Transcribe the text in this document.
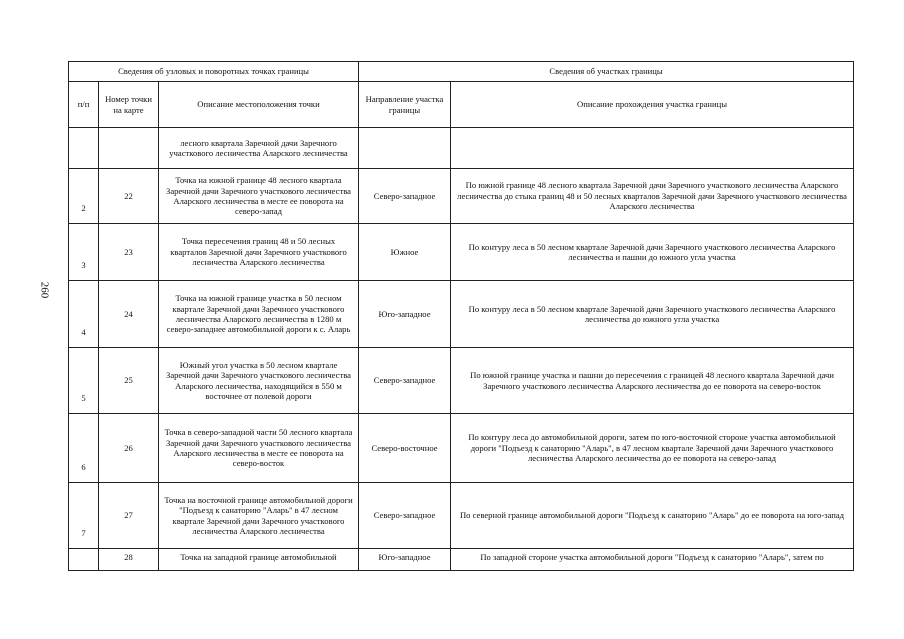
260
Сведения об узловых и поворотных точках границы			Сведения об участках границы	
п/п	Номер точки на карте	Описание местоположения точки	Направление участка границы	Описание прохождения участка границы
		лесного квартала Заречной дачи Заречного участкового лесничества Аларского лесничества		
2	22	Точка на южной границе 48 лесного квартала Заречной дачи Заречного участкового лесничества Аларского лесничества в месте ее поворота на северо-запад	Северо-западное	По южной границе 48 лесного квартала Заречной дачи Заречного участкового лесничества Аларского лесничества до стыка границ 48 и 50 лесных кварталов Заречной дачи Заречного участкового лесничества Аларского лесничества
3	23	Точка пересечения границ 48 и 50 лесных кварталов Заречной дачи Заречного участкового лесничества Аларского лесничества	Южное	По контуру леса в 50 лесном квартале Заречной дачи Заречного участкового лесничества Аларского лесничества и пашни до южного угла участка
4	24	Точка на южной границе участка в 50 лесном квартале Заречной дачи Заречного участкового лесничества Аларского лесничества в 1280 м северо-западнее автомобильной дороги к с. Аларь	Юго-западное	По контуру леса в 50 лесном квартале Заречной дачи Заречного участкового лесничества Аларского лесничества до южного угла участка
5	25	Южный угол участка в 50 лесном квартале Заречной дачи Заречного участкового лесничества Аларского лесничества, находящийся в 550 м восточнее от полевой дороги	Северо-западное	По южной границе участка и пашни до пересечения с границей 48 лесного квартала Заречной дачи Заречного участкового лесничества Аларского лесничества до ее поворота на северо-восток
6	26	Точка в северо-западной части 50 лесного квартала Заречной дачи Заречного участкового лесничества Аларского лесничества в месте ее поворота на северо-восток	Северо-восточное	По контуру леса до автомобильной дороги, затем по юго-восточной стороне участка автомобильной дороги "Подъезд к санаторию "Аларь", в 47 лесном квартале Заречной дачи Заречного участкового лесничества Аларского лесничества до ее поворота на северо-запад
7	27	Точка на восточной границе автомобильной дороги "Подъезд к санаторию "Аларь" в 47 лесном квартале Заречной дачи Заречного участкового лесничества Аларского лесничества	Северо-западное	По северной границе автомобильной дороги "Подъезд к санаторию "Аларь" до ее поворота на юго-запад
	28	Точка на западной границе автомобильной	Юго-западное	По западной стороне участка автомобильной дороги "Подъезд к санаторию "Аларь", затем по
